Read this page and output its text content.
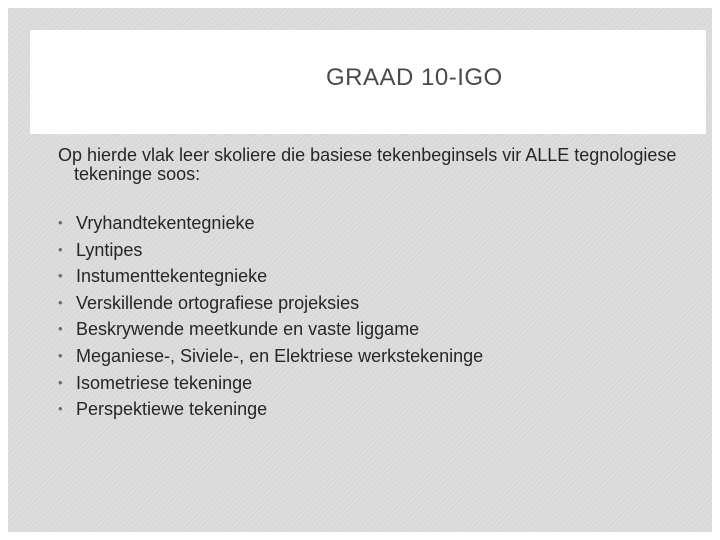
GRAAD 10-IGO

Op hierde vlak leer skoliere die basiese tekenbeginsels vir ALLE tegnologiese tekeninge soos:

• Vryhandtekentegnieke
• Lyntipes
• Instumenttekentegnieke
• Verskillende ortografiese projeksies
• Beskrywende meetkunde en vaste liggame
• Meganiese-, Siviele-, en Elektriese werkstekeninge
• Isometriese tekeninge
• Perspektiewe tekeninge
